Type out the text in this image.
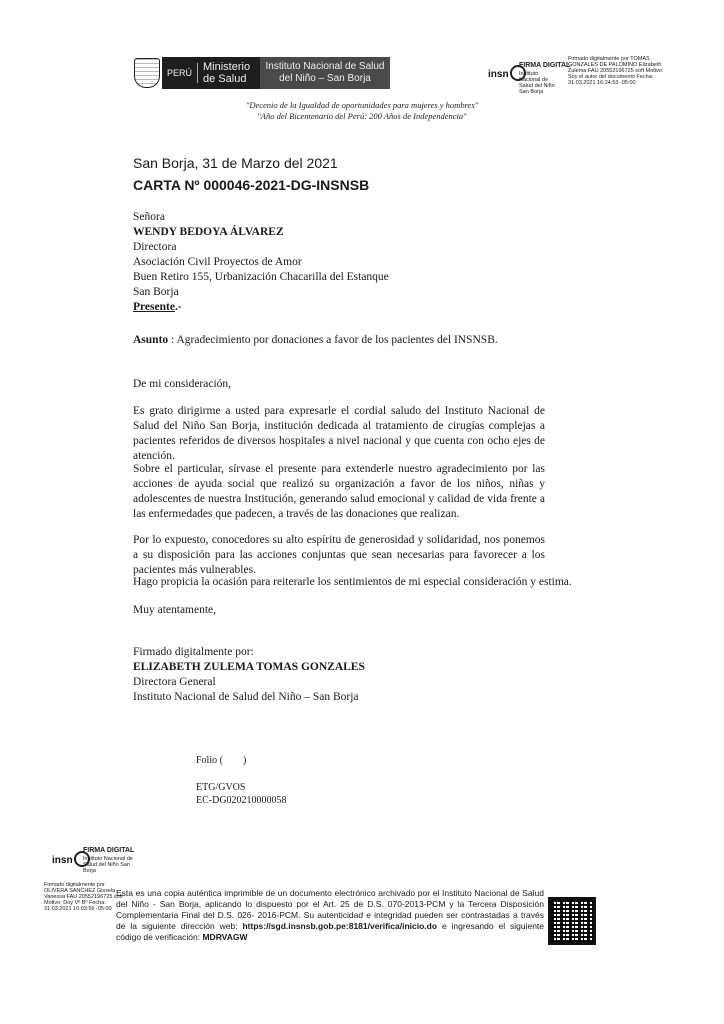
PERÚ	Ministerio de Salud
Instituto Nacional de Salud del Niño – San Borja	insn
FIRMA DIGITAL
Instituto Nacional de Salud del Niño San Borja
Firmado digitalmente por TOMAS GONZALES DE PALOMINO Elizabeth Zulema FAU 20552196725 soft Motivo: Soy el autor del documento Fecha: 31.03.2021 16:24:53 -05:00
"Decenio de la Igualdad de oportunidades para mujeres y hombres"
"Año del Bicentenario del Perú: 200 Años de Independencia"
San Borja, 31 de Marzo del 2021
CARTA Nº 000046-2021-DG-INSNSB
Señora
WENDY BEDOYA ÁLVAREZ
Directora
Asociación Civil Proyectos de Amor
Buen Retiro 155, Urbanización Chacarilla del Estanque
San Borja
Presente.-
Asunto : Agradecimiento por donaciones a favor de los pacientes del INSNSB.
De mi consideración,
Es grato dirigirme a usted para expresarle el cordial saludo del Instituto Nacional de Salud del Niño San Borja, institución dedicada al tratamiento de cirugías complejas a pacientes referidos de diversos hospitales a nivel nacional y que cuenta con ocho ejes de atención.
Sobre el particular, sírvase el presente para extenderle nuestro agradecimiento por las acciones de ayuda social que realizó su organización a favor de los niños, niñas y adolescentes de nuestra Institución, generando salud emocional y calidad de vida frente a las enfermedades que padecen, a través de las donaciones que realizan.
Por lo expuesto, conocedores su alto espíritu de generosidad y solidaridad, nos ponemos a su disposición para las acciones conjuntas que sean necesarias para favorecer a los pacientes más vulnerables.
Hago propicia la ocasión para reiterarle los sentimientos de mi especial consideración y estima.
Muy atentamente,
Firmado digitalmente por:
ELIZABETH ZULEMA TOMAS GONZALES
Directora General
Instituto Nacional de Salud del Niño – San Borja
Folio (        )
ETG/GVOS
EC-DG020210000058
insn
FIRMA DIGITAL
Instituto Nacional de Salud del Niño San Borja
Firmado digitalmente por OLIVERA SANCHEZ Gissela Vanessa FAU 20552196725 soft Motivo: Doy Vº Bº Fecha: 31.03.2021 16:03:56 -05:00
Esta es una copia auténtica imprimible de un documento electrónico archivado por el Instituto Nacional de Salud del Niño - San Borja, aplicando lo dispuesto por el Art. 25 de D.S. 070-2013-PCM y la Tercera Disposición Complementaria Final del D.S. 026- 2016-PCM. Su autenticidad e integridad pueden ser contrastadas a través de la siguiente dirección web: https://sgd.insnsb.gob.pe:8181/verifica/inicio.do e ingresando el siguiente código de verificación: MDRVAGW
